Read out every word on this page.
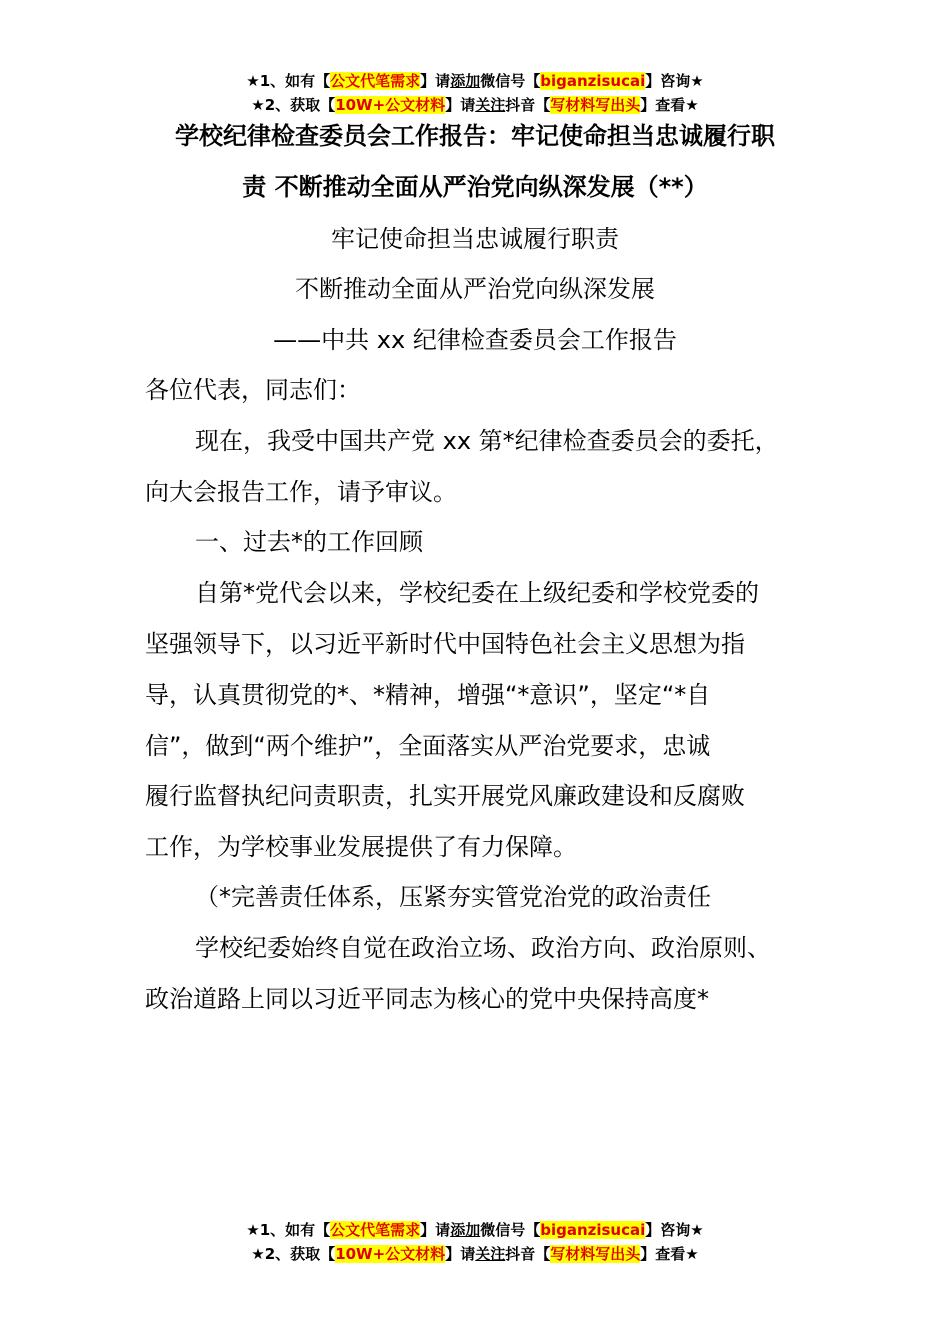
★1、如有【公文代笔需求】请添加微信号【biganzisucai】咨询★
★2、获取【10W+公文材料】请关注抖音【写材料写出头】查看★
学校纪律检查委员会工作报告：牢记使命担当忠诚履行职
责 不断推动全面从严治党向纵深发展（**）
牢记使命担当忠诚履行职责
不断推动全面从严治党向纵深发展
——中共 xx 纪律检查委员会工作报告
各位代表，同志们：
现在，我受中国共产党 xx 第*纪律检查委员会的委托，
向大会报告工作，请予审议。
一、过去*的工作回顾
自第*党代会以来，学校纪委在上级纪委和学校党委的
坚强领导下，以习近平新时代中国特色社会主义思想为指
导，认真贯彻党的*、*精神，增强“*意识”，坚定“*自
信”，做到“两个维护”，全面落实从严治党要求，忠诚
履行监督执纪问责职责，扎实开展党风廉政建设和反腐败
工作，为学校事业发展提供了有力保障。
（*完善责任体系，压紧夯实管党治党的政治责任
学校纪委始终自觉在政治立场、政治方向、政治原则、
政治道路上同以习近平同志为核心的党中央保持高度*
★1、如有【公文代笔需求】请添加微信号【biganzisucai】咨询★
★2、获取【10W+公文材料】请关注抖音【写材料写出头】查看★
